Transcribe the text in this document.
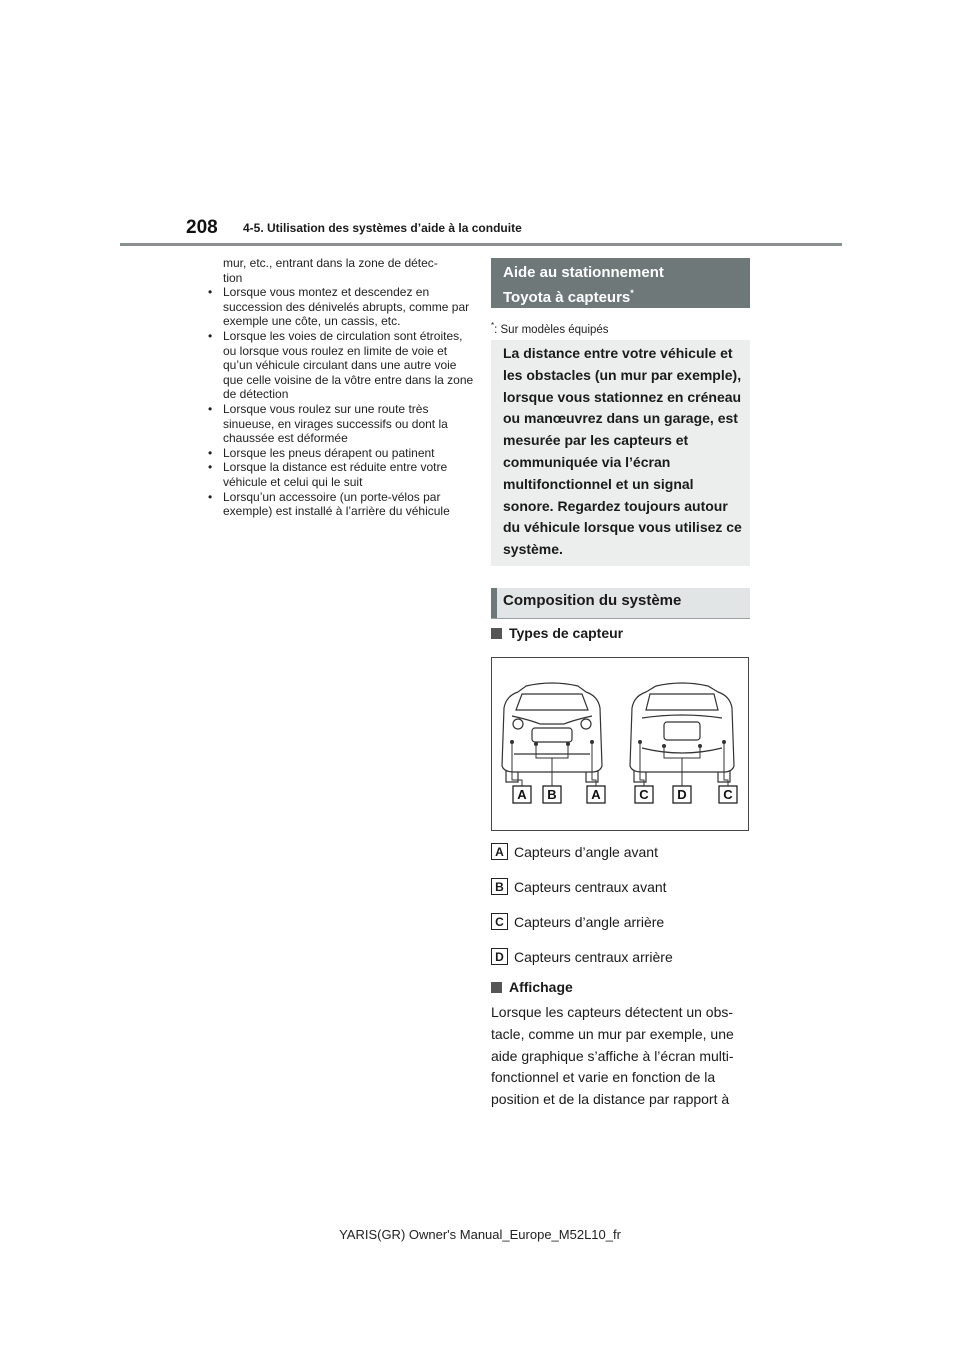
208 4-5. Utilisation des systèmes d’aide à la conduite
mur, etc., entrant dans la zone de détec-
tion
• Lorsque vous montez et descendez en succession des dénivelés abrupts, comme par exemple une côte, un cassis, etc.
• Lorsque les voies de circulation sont étroites, ou lorsque vous roulez en limite de voie et qu’un véhicule circulant dans une autre voie que celle voisine de la vôtre entre dans la zone de détection
• Lorsque vous roulez sur une route très sinueuse, en virages successifs ou dont la chaussée est déformée
• Lorsque les pneus dérapent ou patinent
• Lorsque la distance est réduite entre votre véhicule et celui qui le suit
• Lorsqu’un accessoire (un porte-vélos par exemple) est installé à l’arrière du véhicule
Aide au stationnement
Toyota à capteurs*
*: Sur modèles équipés
La distance entre votre véhicule et les obstacles (un mur par exemple), lorsque vous stationnez en créneau ou manœuvrez dans un garage, est mesurée par les capteurs et communiquée via l’écran multifonctionnel et un signal sonore. Regardez toujours autour du véhicule lorsque vous utilisez ce système.
Composition du système
Types de capteur
A B	A	C D	C
A Capteurs d’angle avant
B Capteurs centraux avant
C Capteurs d’angle arrière
D Capteurs centraux arrière
Affichage
Lorsque les capteurs détectent un obs-
tacle, comme un mur par exemple, une
aide graphique s’affiche à l’écran multi-
fonctionnel et varie en fonction de la
position et de la distance par rapport à
YARIS(GR) Owner's Manual_Europe_M52L10_fr
